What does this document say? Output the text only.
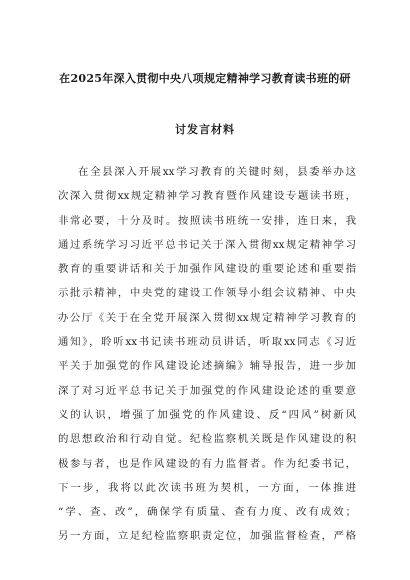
在2025年深入贯彻中央八项规定精神学习教育读书班的研
讨发言材料
在全县深入开展xx学习教育的关键时刻，县委举办这
次深入贯彻xx规定精神学习教育暨作风建设专题读书班，
非常必要，十分及时。按照读书班统一安排，连日来，我
通过系统学习习近平总书记关于深入贯彻xx规定精神学习
教育的重要讲话和关于加强作风建设的重要论述和重要指
示批示精神，中央党的建设工作领导小组会议精神、中央
办公厅《关于在全党开展深入贯彻xx规定精神学习教育的
通知》，聆听xx书记读书班动员讲话，听取xx同志《习近
平关于加强党的作风建设论述摘编》辅导报告，进一步加
深了对习近平总书记关于加强党的作风建设论述的重要意
义的认识，增强了加强党的作风建设、反“四风”树新风
的思想政治和行动自觉。纪检监察机关既是作风建设的积
极参与者，也是作风建设的有力监督者。作为纪委书记，
下一步，我将以此次读书班为契机，一方面，一体推进
“学、查、改”，确保学有质量、查有力度、改有成效；
另一方面，立足纪检监察职责定位，加强监督检查，严格
